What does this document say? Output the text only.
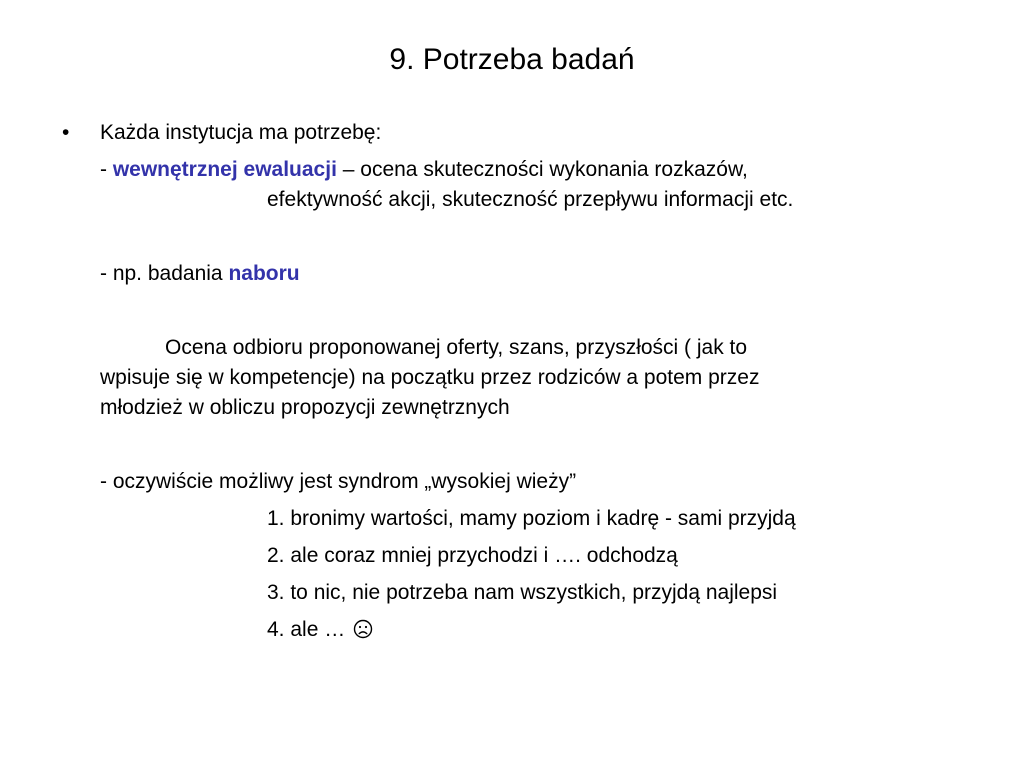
9. Potrzeba badań
• Każda instytucja ma potrzebę:
- wewnętrznej ewaluacji – ocena skuteczności wykonania rozkazów,
efektywność akcji, skuteczność przepływu informacji etc.
- np. badania naboru
Ocena odbioru proponowanej oferty, szans, przyszłości ( jak to
wpisuje się w kompetencje) na początku przez rodziców a potem przez
młodzież w obliczu propozycji zewnętrznych
- oczywiście możliwy jest syndrom „wysokiej wieży”
1. bronimy wartości, mamy poziom i kadrę - sami przyjdą
2. ale coraz mniej przychodzi i …. odchodzą
3. to nic, nie potrzeba nam wszystkich, przyjdą najlepsi
4. ale …
